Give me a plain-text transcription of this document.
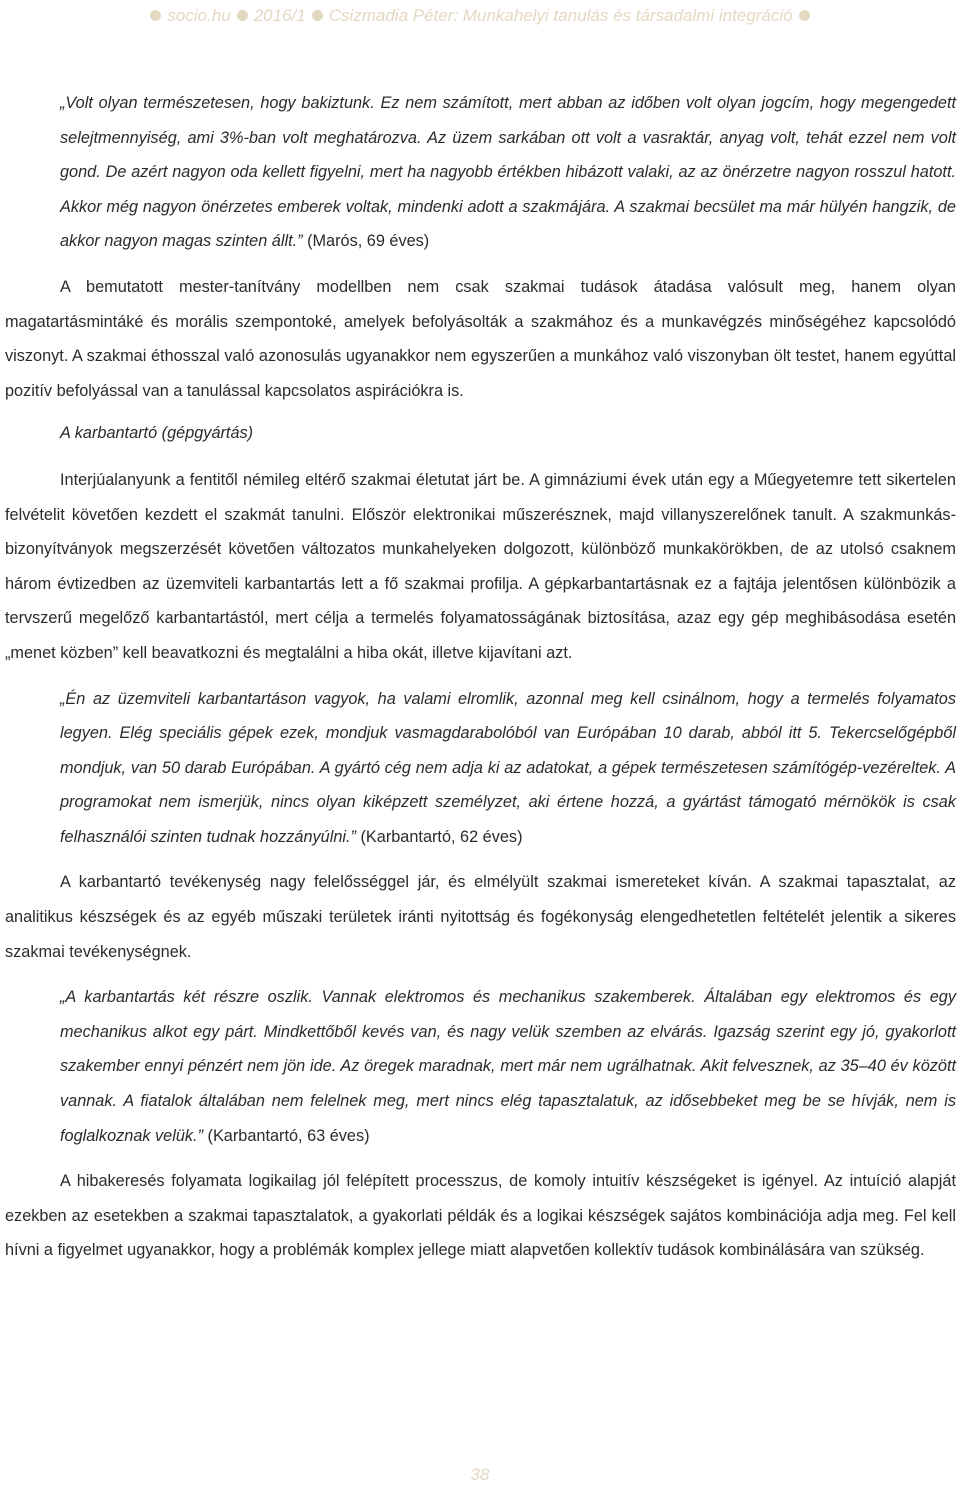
socio.hu 2016/1 Csizmadia Péter: Munkahelyi tanulás és társadalmi integráció

„Volt olyan természetesen, hogy bakiztunk. Ez nem számított, mert abban az időben volt olyan jogcím, hogy megengedett selejtmennyiség, ami 3%-ban volt meghatározva. Az üzem sarkában ott volt a vasraktár, anyag volt, tehát ezzel nem volt gond. De azért nagyon oda kellett figyelni, mert ha nagyobb értékben hibázott valaki, az az önérzetre nagyon rosszul hatott. Akkor még nagyon önérzetes emberek voltak, mindenki adott a szakmájára. A szakmai becsület ma már hülyén hangzik, de akkor nagyon magas szinten állt.” (Marós, 69 éves)

A bemutatott mester-tanítvány modellben nem csak szakmai tudások átadása valósult meg, hanem olyan magatartásmintáké és morális szempontoké, amelyek befolyásolták a szakmához és a munkavégzés minőségéhez kapcsolódó viszonyt. A szakmai éthosszal való azonosulás ugyanakkor nem egyszerűen a munkához való viszonyban ölt testet, hanem egyúttal pozitív befolyással van a tanulással kapcsolatos aspirációkra is.

A karbantartó (gépgyártás)

Interjúalanyunk a fentitől némileg eltérő szakmai életutat járt be. A gimnáziumi évek után egy a Műegyetemre tett sikertelen felvételit követően kezdett el szakmát tanulni. Először elektronikai műszerésznek, majd villanyszerelőnek tanult. A szakmunkás-bizonyítványok megszerzését követően változatos munkahelyeken dolgozott, különböző munkakörökben, de az utolsó csaknem három évtizedben az üzemviteli karbantartás lett a fő szakmai profilja. A gépkarbantartásnak ez a fajtája jelentősen különbözik a tervszerű megelőző karbantartástól, mert célja a termelés folyamatosságának biztosítása, azaz egy gép meghibásodása esetén „menet közben” kell beavatkozni és megtalálni a hiba okát, illetve kijavítani azt.

„Én az üzemviteli karbantartáson vagyok, ha valami elromlik, azonnal meg kell csinálnom, hogy a termelés folyamatos legyen. Elég speciális gépek ezek, mondjuk vasmagdarabolóból van Európában 10 darab, abból itt 5. Tekercselőgépből mondjuk, van 50 darab Európában. A gyártó cég nem adja ki az adatokat, a gépek természetesen számítógép-vezéreltek. A programokat nem ismerjük, nincs olyan kiképzett személyzet, aki értene hozzá, a gyártást támogató mérnökök is csak felhasználói szinten tudnak hozzányúlni.” (Karbantartó, 62 éves)

A karbantartó tevékenység nagy felelősséggel jár, és elmélyült szakmai ismereteket kíván. A szakmai tapasztalat, az analitikus készségek és az egyéb műszaki területek iránti nyitottság és fogékonyság elengedhetetlen feltételét jelentik a sikeres szakmai tevékenységnek.

„A karbantartás két részre oszlik. Vannak elektromos és mechanikus szakemberek. Általában egy elektromos és egy mechanikus alkot egy párt. Mindkettőből kevés van, és nagy velük szemben az elvárás. Igazság szerint egy jó, gyakorlott szakember ennyi pénzért nem jön ide. Az öregek maradnak, mert már nem ugrálhatnak. Akit felvesznek, az 35–40 év között vannak. A fiatalok általában nem felelnek meg, mert nincs elég tapasztalatuk, az idősebbeket meg be se hívják, nem is foglalkoznak velük.” (Karbantartó, 63 éves)

A hibakeresés folyamata logikailag jól felépített processzus, de komoly intuitív készségeket is igényel. Az intuíció alapját ezekben az esetekben a szakmai tapasztalatok, a gyakorlati példák és a logikai készségek sajátos kombinációja adja meg. Fel kell hívni a figyelmet ugyanakkor, hogy a problémák komplex jellege miatt alapvetően kollektív tudások kombinálására van szükség.

38
